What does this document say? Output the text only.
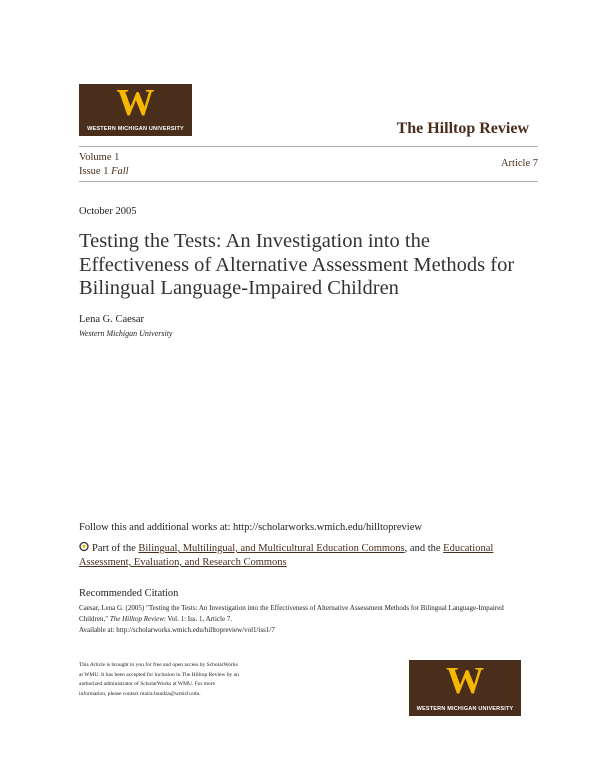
W
WESTERN MICHIGAN UNIVERSITY	The Hilltop Review
Volume 1
Issue 1 Fall
Article 7
October 2005
Testing the Tests: An Investigation into the Effectiveness of Alternative Assessment Methods for Bilingual Language-Impaired Children
Lena G. Caesar
Western Michigan University
Follow this and additional works at: http://scholarworks.wmich.edu/hilltopreview
Part of the Bilingual, Multilingual, and Multicultural Education Commons, and the Educational Assessment, Evaluation, and Research Commons
Recommended Citation
Caesar, Lena G. (2005) "Testing the Tests: An Investigation into the Effectiveness of Alternative Assessment Methods for Bilingual Language-Impaired Children," The Hilltop Review: Vol. 1: Iss. 1, Article 7.
Available at: http://scholarworks.wmich.edu/hilltopreview/vol1/iss1/7
This Article is brought to you for free and open access by ScholarWorks at WMU. It has been accepted for inclusion in The Hilltop Review by an authorized administrator of ScholarWorks at WMU. For more information, please contact maira.bundza@wmich.edu.	W
WESTERN MICHIGAN UNIVERSITY
